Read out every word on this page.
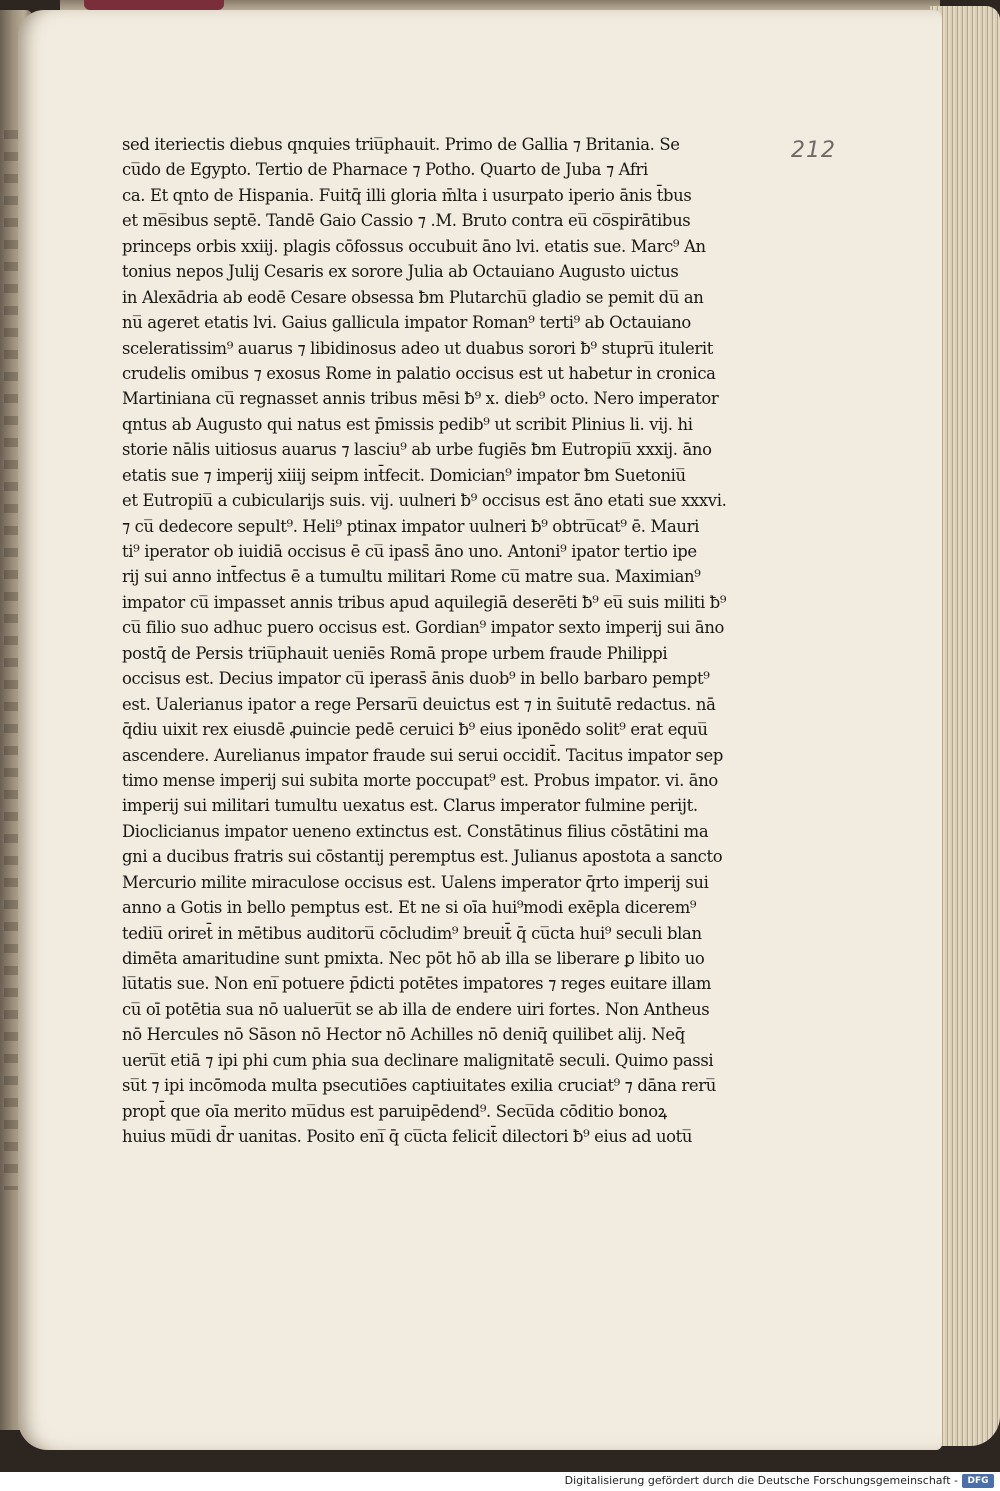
212
sed iteriectis diebus qnquies triu̅phauit. Primo de Gallia ⁊ Britania. Se
cu̅do de Egypto. Tertio de Pharnace ⁊ Potho. Quarto de Juba ⁊ Afri
ca. Et qnto de Hispania. Fuitq̄ illi gloria m̄lta i usurpato iperio ānis t̄bus
et me̅sibus septē. Tandē Gaio Cassio ⁊ .M. Bruto contra eu̅ co̅spirātibus
princeps orbis xxiij. plagis cōfossus occubuit āno lvi. etatis sue. Marc⁹ An
tonius nepos Julij Cesaris ex sorore Julia ab Octauiano Augusto uictus
in Alexādria ab eodē Cesare obsessa ƀm Plutarchu̅ gladio se pemit du̅ an
nu̅ ageret etatis lvi. Gaius gallicula impator Roman⁹ terti⁹ ab Octauiano
sceleratissim⁹ auarus ⁊ libidinosus adeo ut duabus sorori ƀ⁹ stupru̅ itulerit
crudelis omibus ⁊ exosus Rome in palatio occisus est ut habetur in cronica
Martiniana cu̅ regnasset annis tribus mēsi ƀ⁹ x. dieb⁹ octo. Nero imperator
qntus ab Augusto qui natus est p̄missis pedib⁹ ut scribit Plinius li. vij. hi
storie nālis uitiosus auarus ⁊ lasciu⁹ ab urbe fugiēs ƀm Eutropiu̅ xxxij. āno
etatis sue ⁊ imperij xiiij seipm int̄fecit. Domician⁹ impator ƀm Suetoniu̅
et Eutropiu̅ a cubicularijs suis. vij. uulneri ƀ⁹ occisus est āno etati sue xxxvi.
⁊ cu̅ dedecore sepult⁹. Heli⁹ ptinax impator uulneri ƀ⁹ obtru̅cat⁹ ē. Mauri
ti⁹ iperator ob iuidiā occisus ē cu̅ ipass̄ āno uno. Antoni⁹ ipator tertio ipe
rij sui anno int̄fectus ē a tumultu militari Rome cu̅ matre sua. Maximian⁹
impator cu̅ impasset annis tribus apud aquilegiā deserēti ƀ⁹ eu̅ suis militi ƀ⁹
cu̅ filio suo adhuc puero occisus est. Gordian⁹ impator sexto imperij sui āno
postq̄ de Persis triu̅phauit ueniēs Romā prope urbem fraude Philippi
occisus est. Decius impator cu̅ iperass̄ ānis duob⁹ in bello barbaro pempt⁹
est. Ualerianus ipator a rege Persaru̅ deuictus est ⁊ in s̄uitutē redactus. nā
q̄diu uixit rex eiusdē ꝓuincie pedē ceruici ƀ⁹ eius iponēdo solit⁹ erat equu̅
ascendere. Aurelianus impator fraude sui serui occidit̄. Tacitus impator sep
timo mense imperij sui subita morte poccupat⁹ est. Probus impator. vi. āno
imperij sui militari tumultu uexatus est. Clarus imperator fulmine perijt.
Dioclicianus impator ueneno extinctus est. Constātinus filius cōstātini ma
gni a ducibus fratris sui cōstantij peremptus est. Julianus apostota a sancto
Mercurio milite miraculose occisus est. Ualens imperator q̄rto imperij sui
anno a Gotis in bello pemptus est. Et ne si oīa hui⁹modi exēpla dicerem⁹
tediu̅ oriret̄ in mētibus auditoru̅ cōcludim⁹ breuit̄ q̄ cu̅cta hui⁹ seculi blan
dimēta amaritudine sunt pmixta. Nec pōt hō ab illa se liberare ꝑ libito uo
lu̅tatis sue. Non eni̅ potuere p̄dicti potētes impatores ⁊ reges euitare illam
cu̅ oī potētia sua nō ualueru̅t se ab illa de endere uiri fortes. Non Antheus
nō Hercules nō Sāson nō Hector nō Achilles nō deniq̄ quilibet alij. Neq̄
ueru̅t etiā ⁊ ipi phi cum phia sua declinare malignitatē seculi. Quimo passi
su̅t ⁊ ipi incōmoda multa psecutiōes captiuitates exilia cruciat⁹ ⁊ dāna reru̅
propt̄ que oīa merito mu̅dus est paruipēdend⁹. Secu̅da cōditio bonoꝝ
huius mu̅di d̄r uanitas. Posito eni̅ q̄ cu̅cta felicit̄ dilectori ƀ⁹ eius ad uotu̅
Digitalisierung gefördert durch die Deutsche Forschungsgemeinschaft -	DFG
